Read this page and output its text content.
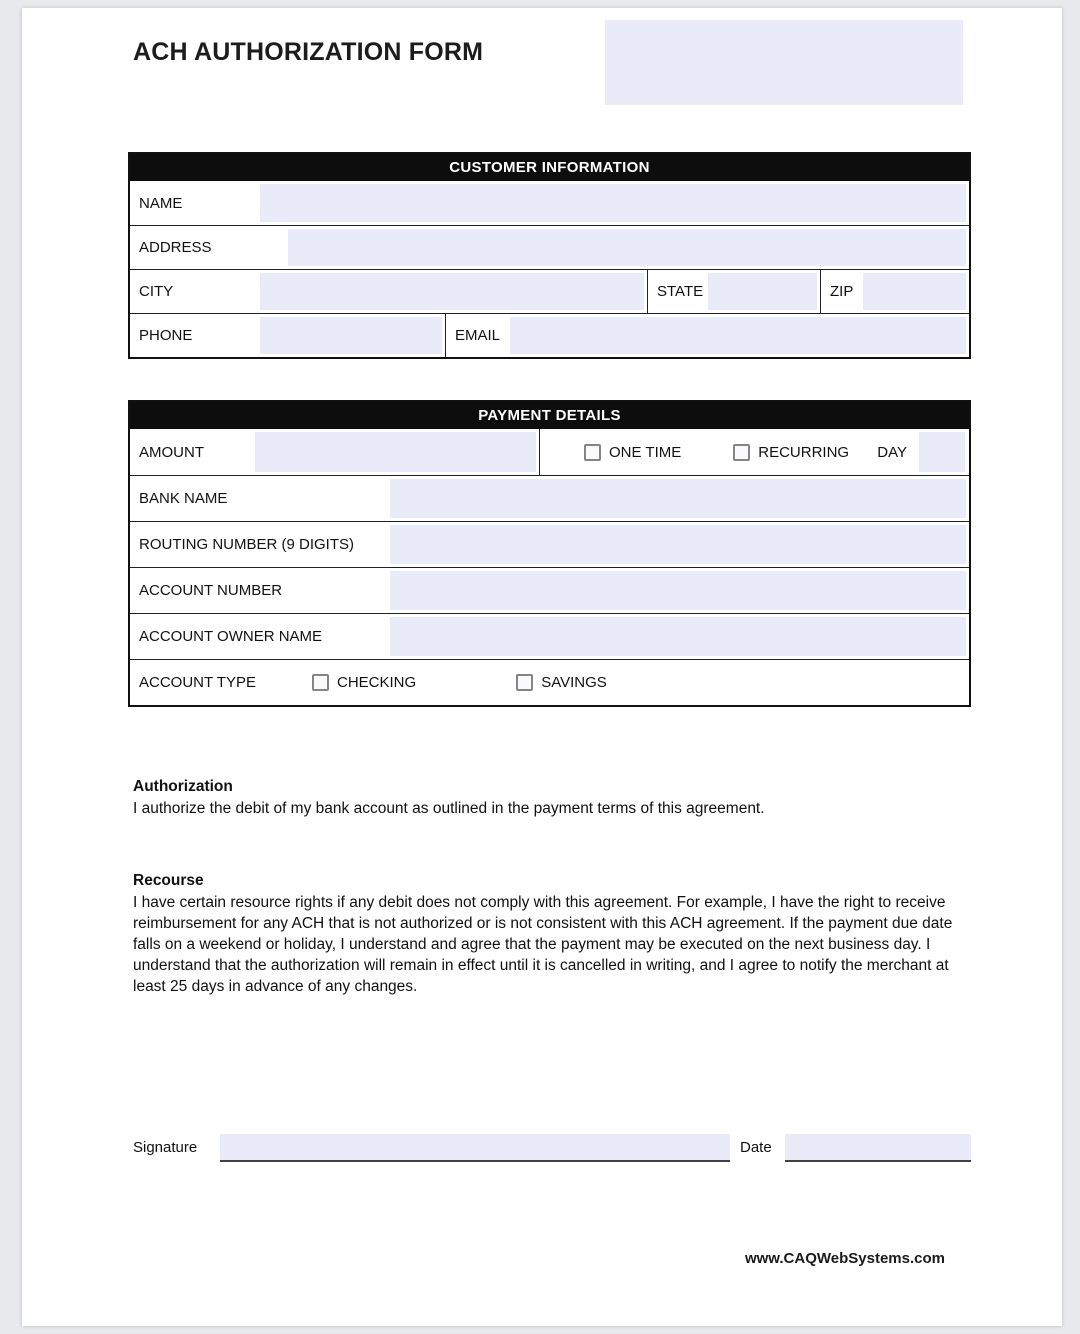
ACH AUTHORIZATION FORM
CUSTOMER INFORMATION
NAME
ADDRESS
CITY	STATE	ZIP
PHONE	EMAIL
PAYMENT DETAILS
AMOUNT	ONE TIME	RECURRING DAY
BANK NAME
ROUTING NUMBER (9 DIGITS)
ACCOUNT NUMBER
ACCOUNT OWNER NAME
ACCOUNT TYPE	CHECKING	SAVINGS
Authorization

I authorize the debit of my bank account as outlined in the payment terms of this agreement.

Recourse

I have certain resource rights if any debit does not comply with this agreement. For example, I have the right to receive reimbursement for any ACH that is not authorized or is not consistent with this ACH agreement. If the payment due date falls on a weekend or holiday, I understand and agree that the payment may be executed on the next business day. I understand that the authorization will remain in effect until it is cancelled in writing, and I agree to notify the merchant at least 25 days in advance of any changes.

Signature	Date
www.CAQWebSystems.com
